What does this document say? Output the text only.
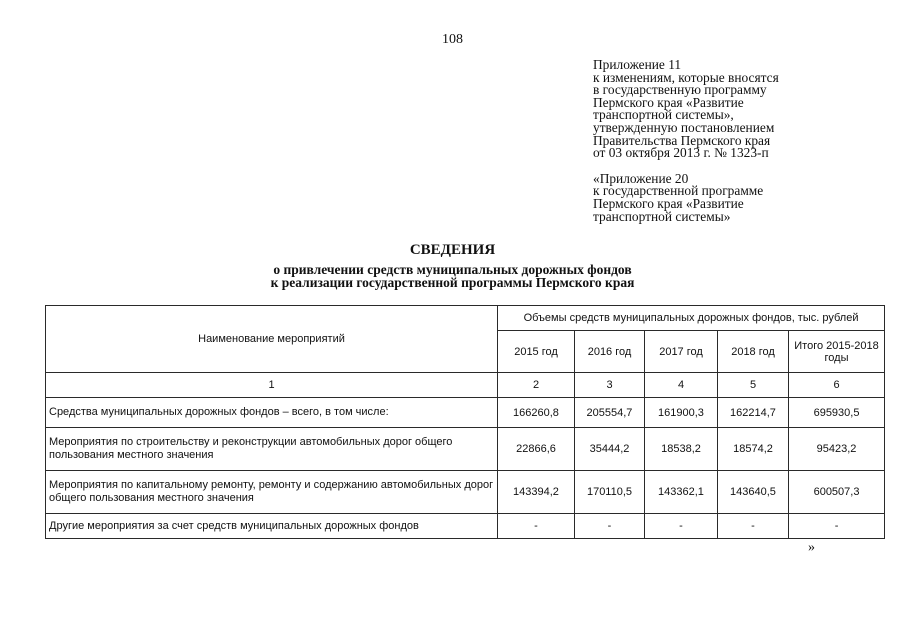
108
Приложение 11
к изменениям, которые вносятся
в государственную программу
Пермского края «Развитие
транспортной системы»,
утвержденную постановлением
Правительства Пермского края
от 03 октября 2013 г. № 1323-п
«Приложение 20
к государственной программе
Пермского края «Развитие
транспортной системы»
СВЕДЕНИЯ
о привлечении средств муниципальных дорожных фондов
к реализации государственной программы Пермского края
Наименование мероприятий	Объемы средств муниципальных дорожных фондов, тыс. рублей				
	2015 год	2016 год	2017 год	2018 год	Итого 2015-2018 годы
1	2	3	4	5	6
Средства муниципальных дорожных фондов – всего, в том числе:	166260,8	205554,7	161900,3	162214,7	695930,5
Мероприятия по строительству и реконструкции автомобильных дорог общего пользования местного значения	22866,6	35444,2	18538,2	18574,2	95423,2
Мероприятия по капитальному ремонту, ремонту и содержанию автомобильных дорог общего пользования местного значения	143394,2	170110,5	143362,1	143640,5	600507,3
Другие мероприятия за счет средств муниципальных дорожных фондов	-	-	-	-	-
»
